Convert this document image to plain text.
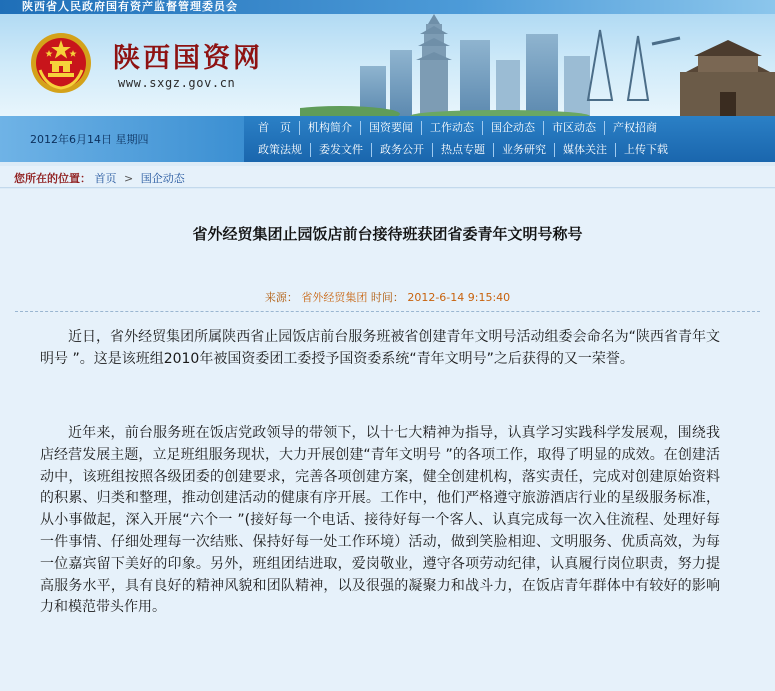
陕西省人民政府国有资产监督管理委员会
陕西国资网
www.sxgz.gov.cn
2012年6月14日 星期四
首　页	机构简介	国资要闻	工作动态	国企动态	市区动态	产权招商
政策法规	委发文件	政务公开	热点专题	业务研究	媒体关注	上传下载
您所在的位置： 首页 > 国企动态
省外经贸集团止园饭店前台接待班获团省委青年文明号称号
来源： 省外经贸集团 时间： 2012-6-14 9:15:40

近日，省外经贸集团所属陕西省止园饭店前台服务班被省创建青年文明号活动组委会命名为“陕西省青年文明号 ”。这是该班组2010年被国资委团工委授予国资委系统“青年文明号”之后获得的又一荣誉。

近年来，前台服务班在饭店党政领导的带领下，以十七大精神为指导，认真学习实践科学发展观，围绕我店经营发展主题，立足班组服务现状，大力开展创建“青年文明号 ”的各项工作，取得了明显的成效。在创建活动中，该班组按照各级团委的创建要求，完善各项创建方案，健全创建机构，落实责任，完成对创建原始资料的积累、归类和整理，推动创建活动的健康有序开展。工作中，他们严格遵守旅游酒店行业的星级服务标准，从小事做起，深入开展“六个一 ”(接好每一个电话、接待好每一个客人、认真完成每一次入住流程、处理好每一件事情、仔细处理每一次结账、保持好每一处工作环境）活动，做到笑脸相迎、文明服务、优质高效，为每一位嘉宾留下美好的印象。另外，班组团结进取，爱岗敬业，遵守各项劳动纪律，认真履行岗位职责，努力提高服务水平，具有良好的精神风貌和团队精神，以及很强的凝聚力和战斗力，在饭店青年群体中有较好的影响力和模范带头作用。
